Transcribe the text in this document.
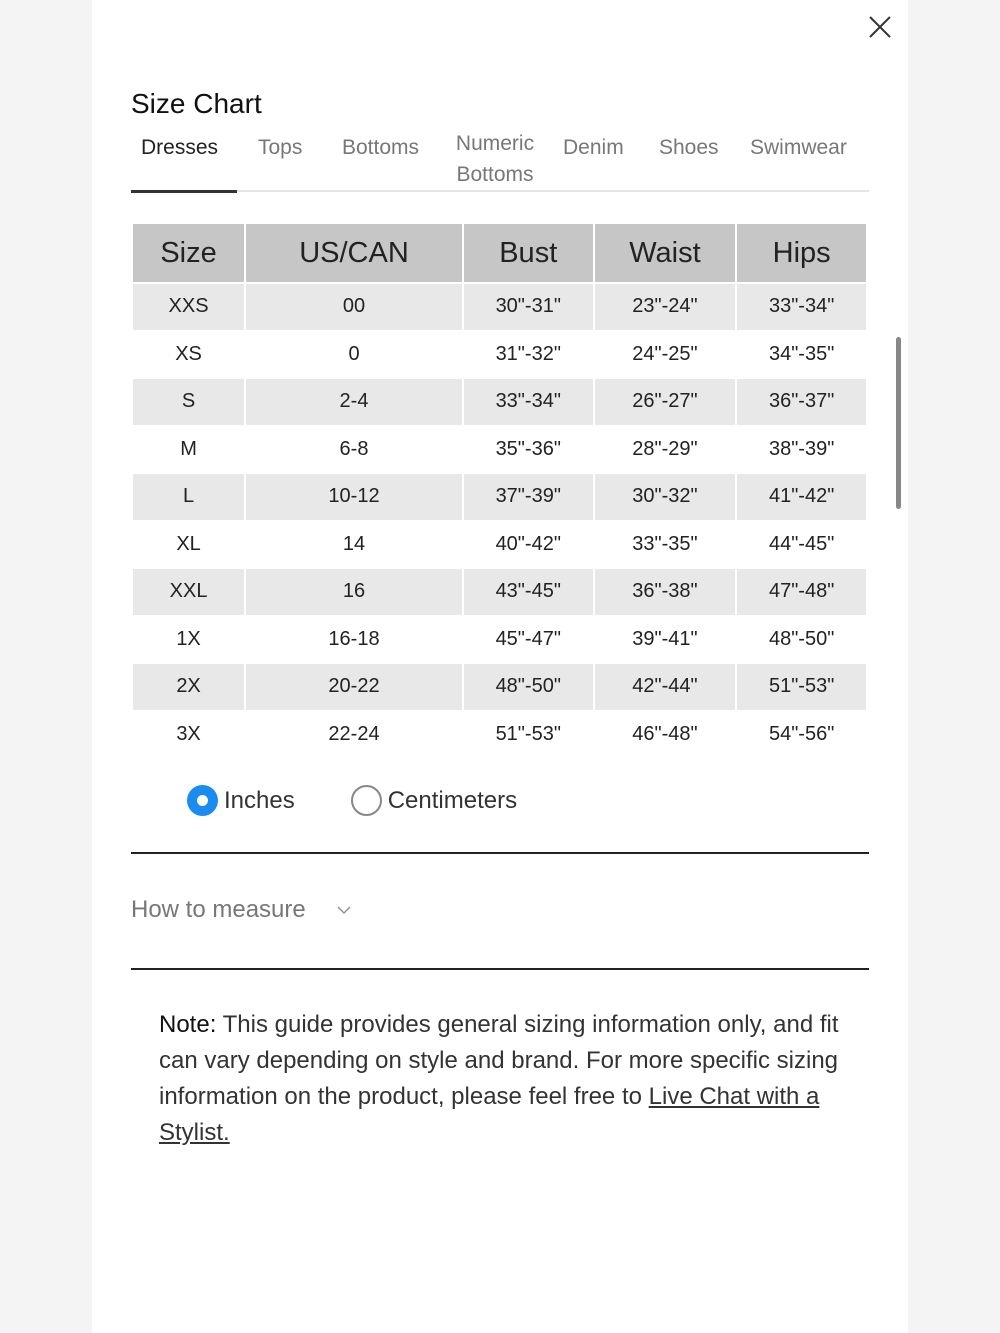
Size Chart
Dresses Tops Bottoms	Numeric Bottoms
Denim Shoes Swimwear
Size	US/CAN	Bust	Waist	Hips
XXS	00	30"-31"	23"-24"	33"-34"
XS	0	31"-32"	24"-25"	34"-35"
S	2-4	33"-34"	26"-27"	36"-37"
M	6-8	35"-36"	28"-29"	38"-39"
L	10-12	37"-39"	30"-32"	41"-42"
XL	14	40"-42"	33"-35"	44"-45"
XXL	16	43"-45"	36"-38"	47"-48"
1X	16-18	45"-47"	39"-41"	48"-50"
2X	20-22	48"-50"	42"-44"	51"-53"
3X	22-24	51"-53"	46"-48"	54"-56"
Inches	Centimeters
How to measure
Note: This guide provides general sizing information only, and fit can vary depending on style and brand. For more specific sizing information on the product, please feel free to Live Chat with a Stylist.
